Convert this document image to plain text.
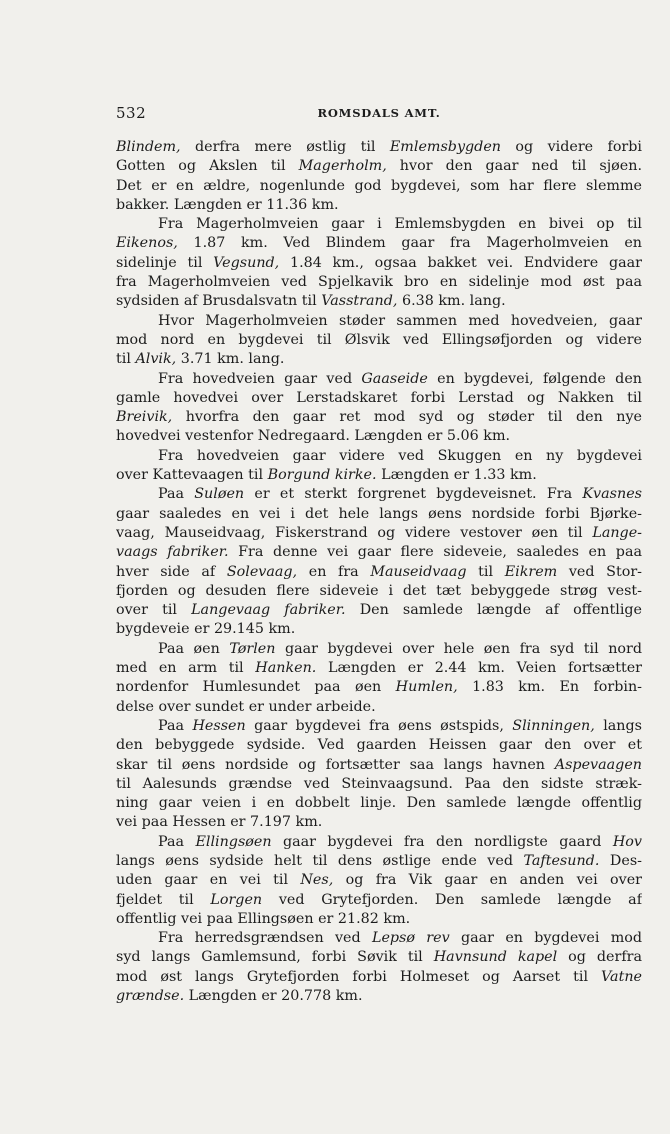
532	ROMSDALS AMT.
Blindem, derfra mere østlig til Emlemsbygden og videre forbi
Gotten og Akslen til Magerholm, hvor den gaar ned til sjøen.
Det er en ældre, nogenlunde god bygdevei, som har flere slemme
bakker. Længden er 11.36 km.
Fra Magerholmveien gaar i Emlemsbygden en bivei op til
Eikenos, 1.87 km. Ved Blindem gaar fra Magerholmveien en
sidelinje til Vegsund, 1.84 km., ogsaa bakket vei. Endvidere gaar
fra Magerholmveien ved Spjelkavik bro en sidelinje mod øst paa
sydsiden af Brusdalsvatn til Vasstrand, 6.38 km. lang.
Hvor Magerholmveien støder sammen med hovedveien, gaar
mod nord en bygdevei til Ølsvik ved Ellingsøfjorden og videre
til Alvik, 3.71 km. lang.
Fra hovedveien gaar ved Gaaseide en bygdevei, følgende den
gamle hovedvei over Lerstadskaret forbi Lerstad og Nakken til
Breivik, hvorfra den gaar ret mod syd og støder til den nye
hovedvei vestenfor Nedregaard. Længden er 5.06 km.
Fra hovedveien gaar videre ved Skuggen en ny bygdevei
over Kattevaagen til Borgund kirke. Længden er 1.33 km.
Paa Suløen er et sterkt forgrenet bygdeveisnet. Fra Kvasnes
gaar saaledes en vei i det hele langs øens nordside forbi Bjørke-
vaag, Mauseidvaag, Fiskerstrand og videre vestover øen til Lange-
vaags fabriker. Fra denne vei gaar flere sideveie, saaledes en paa
hver side af Solevaag, en fra Mauseidvaag til Eikrem ved Stor-
fjorden og desuden flere sideveie i det tæt bebyggede strøg vest-
over til Langevaag fabriker. Den samlede længde af offentlige
bygdeveie er 29.145 km.
Paa øen Tørlen gaar bygdevei over hele øen fra syd til nord
med en arm til Hanken. Længden er 2.44 km. Veien fortsætter
nordenfor Humlesundet paa øen Humlen, 1.83 km. En forbin-
delse over sundet er under arbeide.
Paa Hessen gaar bygdevei fra øens østspids, Slinningen, langs
den bebyggede sydside. Ved gaarden Heissen gaar den over et
skar til øens nordside og fortsætter saa langs havnen Aspevaagen
til Aalesunds grændse ved Steinvaagsund. Paa den sidste stræk-
ning gaar veien i en dobbelt linje. Den samlede længde offentlig
vei paa Hessen er 7.197 km.
Paa Ellingsøen gaar bygdevei fra den nordligste gaard Hov
langs øens sydside helt til dens østlige ende ved Taftesund. Des-
uden gaar en vei til Nes, og fra Vik gaar en anden vei over
fjeldet til Lorgen ved Grytefjorden. Den samlede længde af
offentlig vei paa Ellingsøen er 21.82 km.
Fra herredsgrændsen ved Lepsø rev gaar en bygdevei mod
syd langs Gamlemsund, forbi Søvik til Havnsund kapel og derfra
mod øst langs Grytefjorden forbi Holmeset og Aarset til Vatne
grændse. Længden er 20.778 km.
